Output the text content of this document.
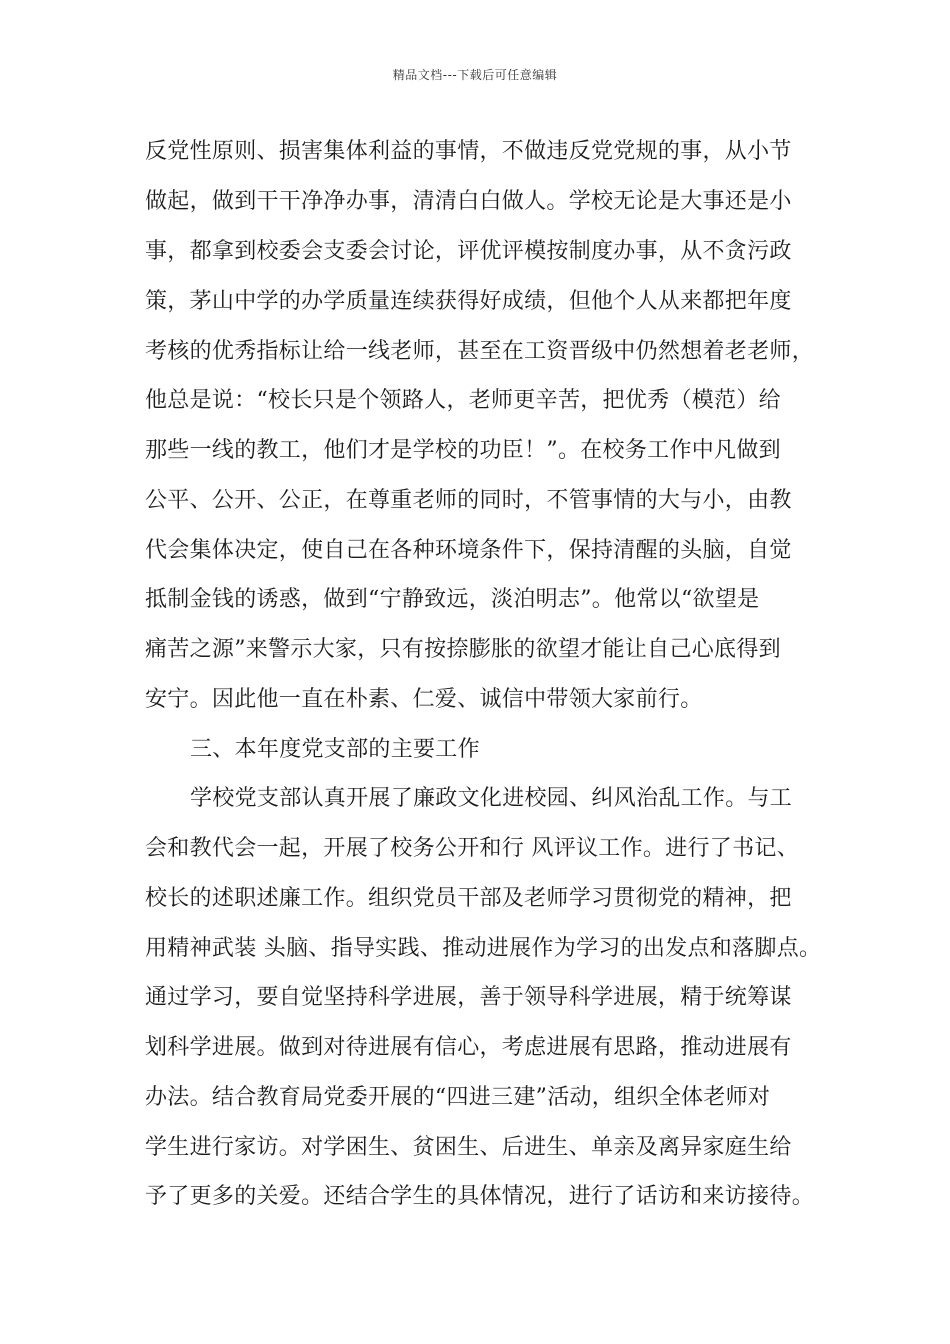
精品文档---下载后可任意编辑
反党性原则、损害集体利益的事情，不做违反党党规的事，从小节
做起，做到干干净净办事，清清白白做人。学校无论是大事还是小
事，都拿到校委会支委会讨论，评优评模按制度办事，从不贪污政
策，茅山中学的办学质量连续获得好成绩，但他个人从来都把年度
考核的优秀指标让给一线老师，甚至在工资晋级中仍然想着老老师，
他总是说：“校长只是个领路人，老师更辛苦，把优秀（模范）给
那些一线的教工，他们才是学校的功臣！”。在校务工作中凡做到
公平、公开、公正，在尊重老师的同时，不管事情的大与小，由教
代会集体决定，使自己在各种环境条件下，保持清醒的头脑，自觉
抵制金钱的诱惑，做到“宁静致远，淡泊明志”。他常以“欲望是
痛苦之源”来警示大家，只有按捺膨胀的欲望才能让自己心底得到
安宁。因此他一直在朴素、仁爱、诚信中带领大家前行。
三、本年度党支部的主要工作
学校党支部认真开展了廉政文化进校园、纠风治乱工作。与工
会和教代会一起，开展了校务公开和行 风评议工作。进行了书记、
校长的述职述廉工作。组织党员干部及老师学习贯彻党的精神，把
用精神武装 头脑、指导实践、推动进展作为学习的出发点和落脚点。
通过学习，要自觉坚持科学进展，善于领导科学进展，精于统筹谋
划科学进展。做到对待进展有信心，考虑进展有思路，推动进展有
办法。结合教育局党委开展的“四进三建”活动，组织全体老师对
学生进行家访。对学困生、贫困生、后进生、单亲及离异家庭生给
予了更多的关爱。还结合学生的具体情况，进行了话访和来访接待。
